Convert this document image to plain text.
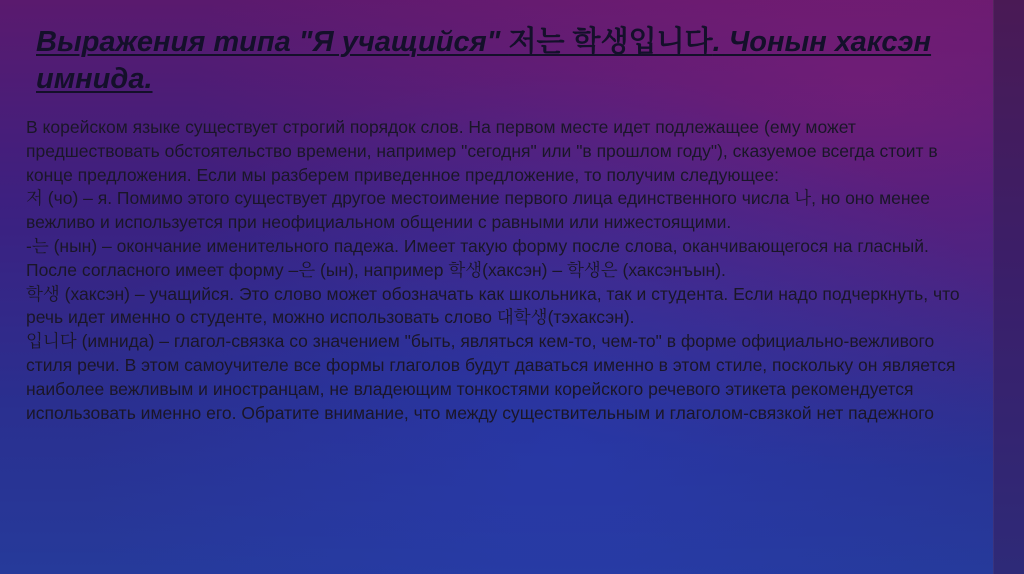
Выражения типа "Я учащийся" 저는 학생입니다. Чонын хаксэн имнида.

В корейском языке существует строгий порядок слов. На первом месте идет подлежащее (ему может предшествовать обстоятельство времени, например "сегодня" или "в прошлом году"), сказуемое всегда стоит в конце предложения. Если мы разберем приведенное предложение, то получим следующее:

저 (чо) – я. Помимо этого существует другое местоимение первого лица единственного числа 나, но оно менее вежливо и используется при неофициальном общении с равными или нижестоящими.

-는 (нын) – окончание именительного падежа. Имеет такую форму после слова, оканчивающегося на гласный. После согласного имеет форму –은 (ын), например 학생(хаксэн) – 학생은 (хаксэнъын).

학생 (хаксэн) – учащийся. Это слово может обозначать как школьника, так и студента. Если надо подчеркнуть, что речь идет именно о студенте, можно использовать слово 대학생(тэхаксэн).

입니다 (имнида) – глагол-связка со значением "быть, являться кем-то, чем-то" в форме официально-вежливого стиля речи. В этом самоучителе все формы глаголов будут даваться именно в этом стиле, поскольку он является наиболее вежливым и иностранцам, не владеющим тонкостями корейского речевого этикета рекомендуется использовать именно его. Обратите внимание, что между существительным и глаголом-связкой нет падежного
